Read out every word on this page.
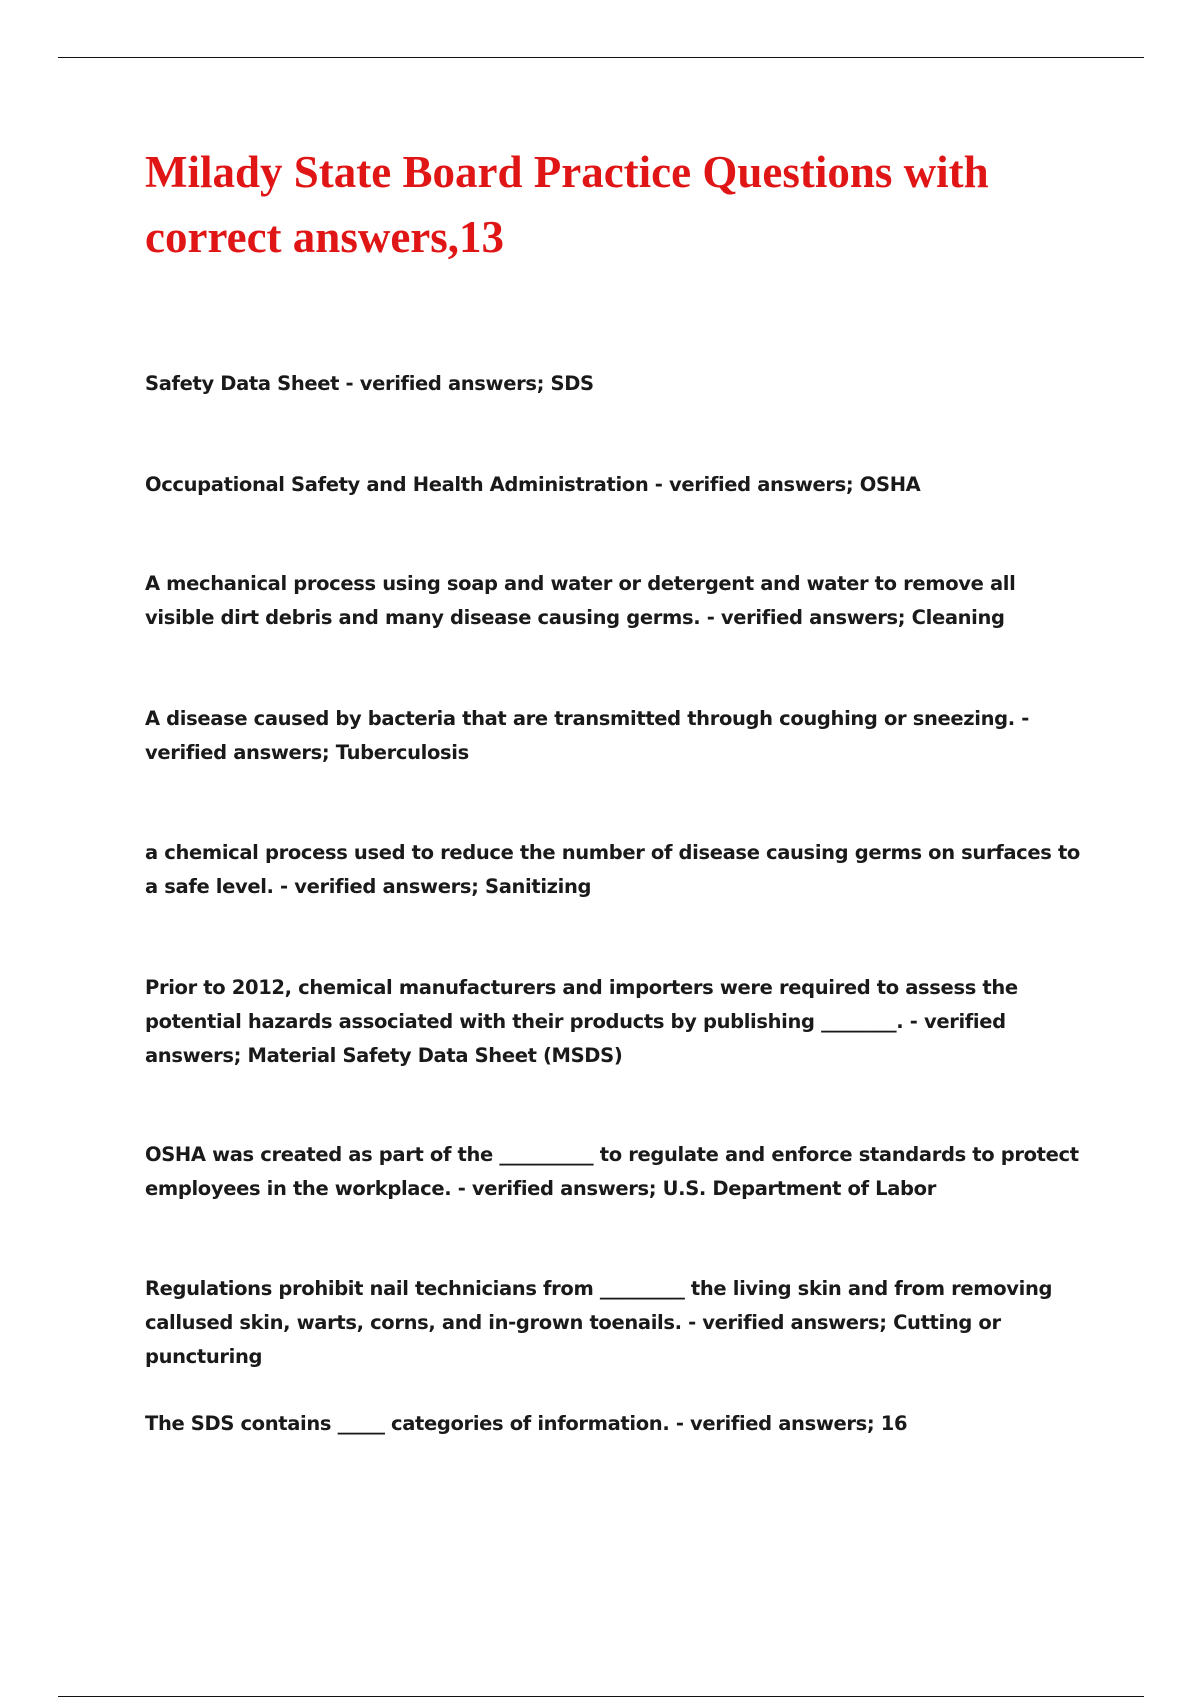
Milady State Board Practice Questions with correct answers,13

Safety Data Sheet - verified answers; SDS

Occupational Safety and Health Administration - verified answers; OSHA

A mechanical process using soap and water or detergent and water to remove all visible dirt debris and many disease causing germs. - verified answers; Cleaning

A disease caused by bacteria that are transmitted through coughing or sneezing. - verified answers; Tuberculosis

a chemical process used to reduce the number of disease causing germs on surfaces to a safe level. - verified answers; Sanitizing

Prior to 2012, chemical manufacturers and importers were required to assess the potential hazards associated with their products by publishing ________. - verified answers; Material Safety Data Sheet (MSDS)

OSHA was created as part of the __________ to regulate and enforce standards to protect employees in the workplace. - verified answers; U.S. Department of Labor

Regulations prohibit nail technicians from _________ the living skin and from removing callused skin, warts, corns, and in-grown toenails. - verified answers; Cutting or puncturing

The SDS contains _____ categories of information. - verified answers; 16
